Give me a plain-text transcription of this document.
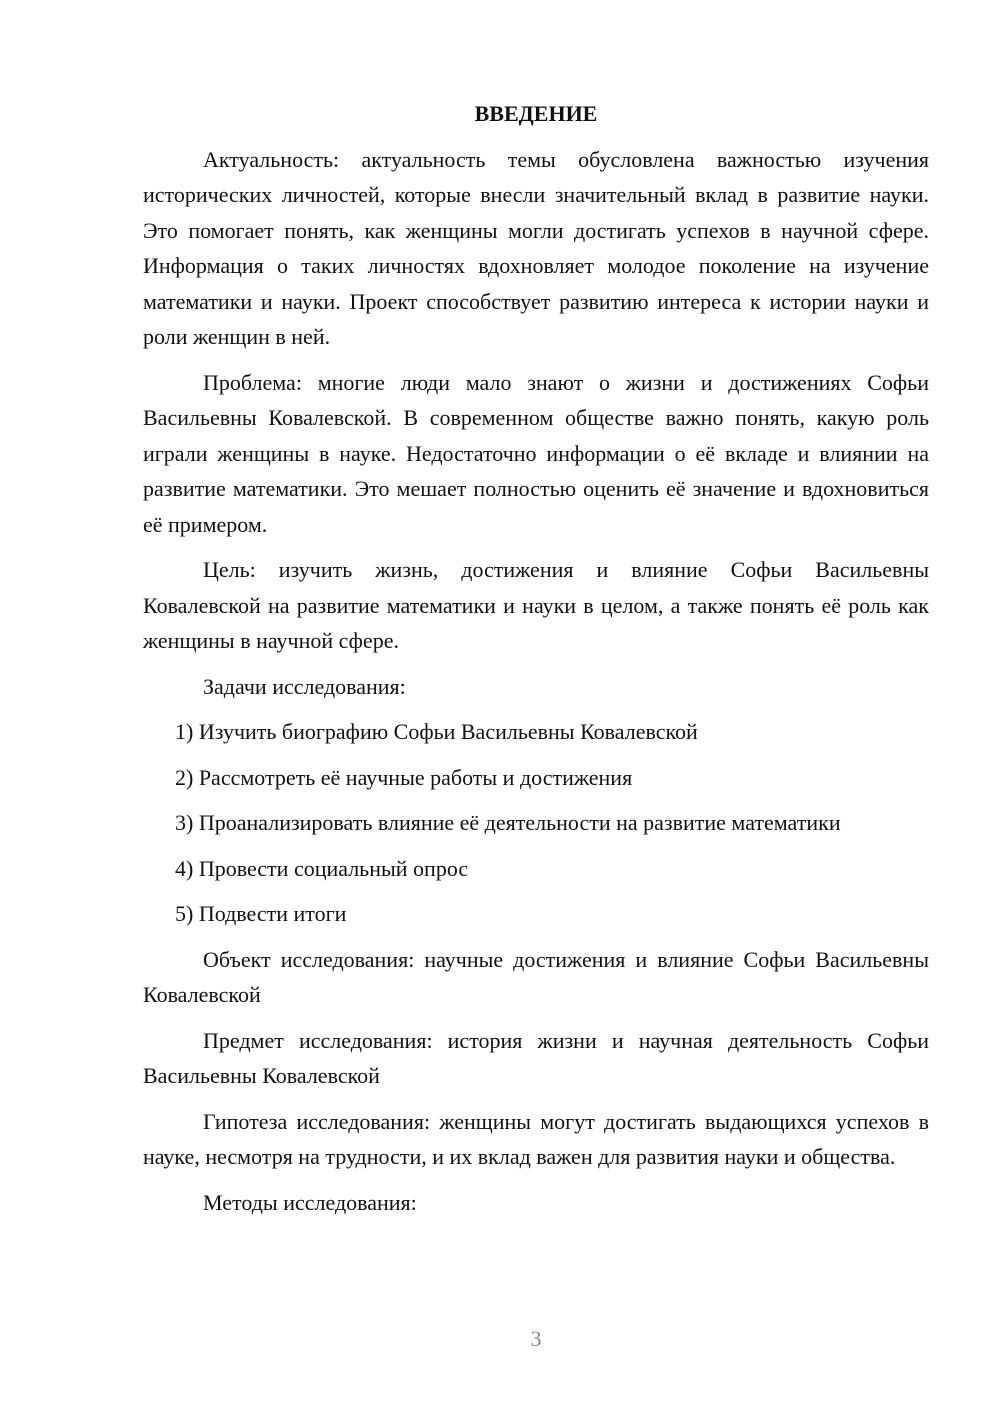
ВВЕДЕНИЕ

Актуальность: актуальность темы обусловлена важностью изучения исторических личностей, которые внесли значительный вклад в развитие науки. Это помогает понять, как женщины могли достигать успехов в научной сфере. Информация о таких личностях вдохновляет молодое поколение на изучение математики и науки. Проект способствует развитию интереса к истории науки и роли женщин в ней.

Проблема: многие люди мало знают о жизни и достижениях Софьи Васильевны Ковалевской. В современном обществе важно понять, какую роль играли женщины в науке. Недостаточно информации о её вкладе и влиянии на развитие математики. Это мешает полностью оценить её значение и вдохновиться её примером.

Цель: изучить жизнь, достижения и влияние Софьи Васильевны Ковалевской на развитие математики и науки в целом, а также понять её роль как женщины в научной сфере.

Задачи исследования:

1) Изучить биографию Софьи Васильевны Ковалевской

2) Рассмотреть её научные работы и достижения

3) Проанализировать влияние её деятельности на развитие математики

4) Провести социальный опрос

5) Подвести итоги

Объект исследования: научные достижения и влияние Софьи Васильевны Ковалевской

Предмет исследования: история жизни и научная деятельность Софьи Васильевны Ковалевской

Гипотеза исследования: женщины могут достигать выдающихся успехов в науке, несмотря на трудности, и их вклад важен для развития науки и общества.

Методы исследования:

3
